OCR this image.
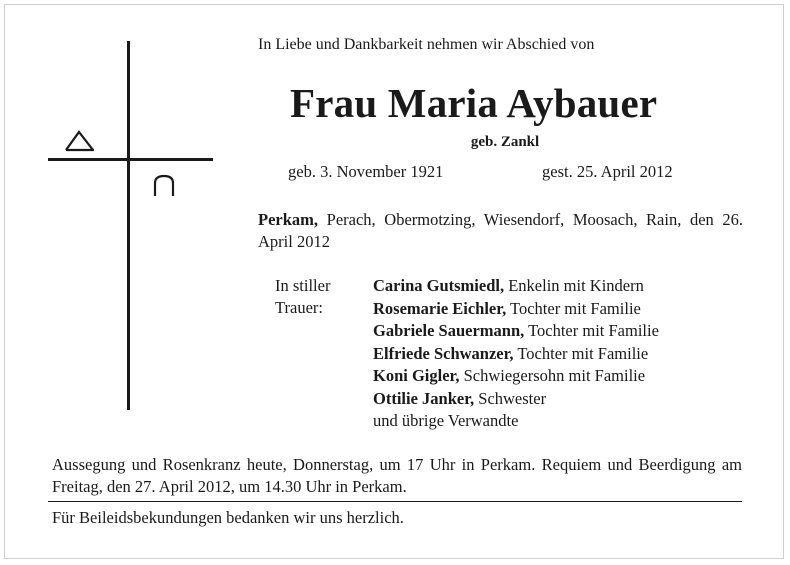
In Liebe und Dankbarkeit nehmen wir Abschied von
Frau Maria Aybauer
geb. Zankl
geb. 3. November 1921	gest. 25. April 2012
Perkam, Perach, Obermotzing, Wiesendorf, Moosach, Rain, den 26. April 2012
In stiller
Trauer:
Carina Gutsmiedl, Enkelin mit Kindern
Rosemarie Eichler, Tochter mit Familie
Gabriele Sauermann, Tochter mit Familie
Elfriede Schwanzer, Tochter mit Familie
Koni Gigler, Schwiegersohn mit Familie
Ottilie Janker, Schwester
und übrige Verwandte
Aussegung und Rosenkranz heute, Donnerstag, um 17 Uhr in Perkam. Requiem und Beerdigung am Freitag, den 27. April 2012, um 14.30 Uhr in Perkam.
Für Beileidsbekundungen bedanken wir uns herzlich.
